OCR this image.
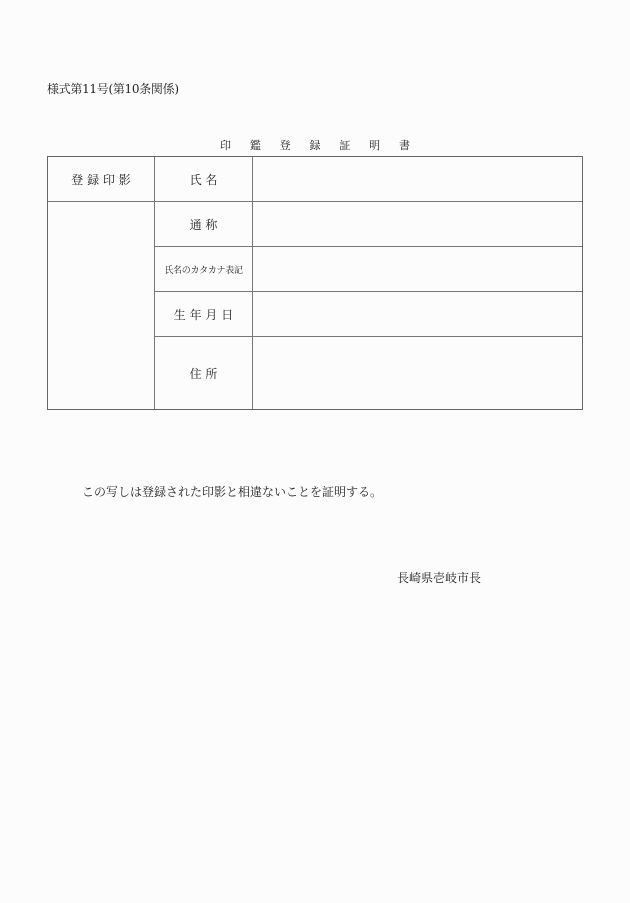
様式第11号(第10条関係)
印 鑑 登 録 証 明 書
登 録 印 影	氏 名
通 称
氏名のカタカナ表記
生 年 月 日
住 所
この写しは登録された印影と相違ないことを証明する。
長崎県壱岐市長
